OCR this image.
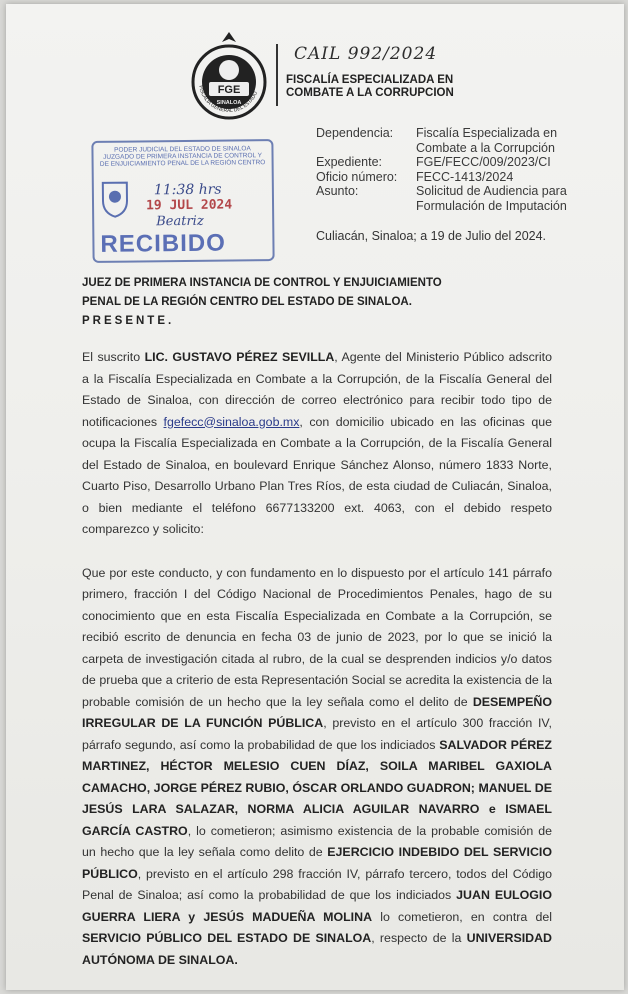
FGE
SINALOA
FISCALÍA GENERAL DEL ESTADO
CAIL 992/2024
FISCALÍA ESPECIALIZADA EN
COMBATE A LA CORRUPCION
Dependencia:	Fiscalía Especializada en
Combate a la Corrupción
Expediente:	FGE/FECC/009/2023/CI
Oficio número:	FECC-1413/2024
Asunto:	Solicitud de Audiencia para
Formulación de Imputación
Culiacán, Sinaloa; a 19 de Julio del 2024.
PODER JUDICIAL DEL ESTADO DE SINALOA
JUZGADO DE PRIMERA INSTANCIA DE CONTROL Y
DE ENJUICIAMIENTO PENAL DE LA REGIÓN CENTRO
11:38 hrs
19 JUL 2024
Beatriz
RECIBIDO
JUEZ DE PRIMERA INSTANCIA DE CONTROL Y ENJUICIAMIENTO
PENAL DE LA REGIÓN CENTRO DEL ESTADO DE SINALOA.
PRESENTE.

El suscrito LIC. GUSTAVO PÉREZ SEVILLA, Agente del Ministerio Público adscrito a la Fiscalía Especializada en Combate a la Corrupción, de la Fiscalía General del Estado de Sinaloa, con dirección de correo electrónico para recibir todo tipo de notificaciones fgefecc@sinaloa.gob.mx, con domicilio ubicado en las oficinas que ocupa la Fiscalía Especializada en Combate a la Corrupción, de la Fiscalía General del Estado de Sinaloa, en boulevard Enrique Sánchez Alonso, número 1833 Norte, Cuarto Piso, Desarrollo Urbano Plan Tres Ríos, de esta ciudad de Culiacán, Sinaloa, o bien mediante el teléfono 6677133200 ext. 4063, con el debido respeto comparezco y solicito:

Que por este conducto, y con fundamento en lo dispuesto por el artículo 141 párrafo primero, fracción I del Código Nacional de Procedimientos Penales, hago de su conocimiento que en esta Fiscalía Especializada en Combate a la Corrupción, se recibió escrito de denuncia en fecha 03 de junio de 2023, por lo que se inició la carpeta de investigación citada al rubro, de la cual se desprenden indicios y/o datos de prueba que a criterio de esta Representación Social se acredita la existencia de la probable comisión de un hecho que la ley señala como el delito de DESEMPEÑO IRREGULAR DE LA FUNCIÓN PÚBLICA, previsto en el artículo 300 fracción IV, párrafo segundo, así como la probabilidad de que los indiciados SALVADOR PÉREZ MARTINEZ, HÉCTOR MELESIO CUEN DÍAZ, SOILA MARIBEL GAXIOLA CAMACHO, JORGE PÉREZ RUBIO, ÓSCAR ORLANDO GUADRON; MANUEL DE JESÚS LARA SALAZAR, NORMA ALICIA AGUILAR NAVARRO e ISMAEL GARCÍA CASTRO, lo cometieron; asimismo existencia de la probable comisión de un hecho que la ley señala como delito de EJERCICIO INDEBIDO DEL SERVICIO PÚBLICO, previsto en el artículo 298 fracción IV, párrafo tercero, todos del Código Penal de Sinaloa; así como la probabilidad de que los indiciados JUAN EULOGIO GUERRA LIERA y JESÚS MADUEÑA MOLINA lo cometieron, en contra del SERVICIO PÚBLICO DEL ESTADO DE SINALOA, respecto de la UNIVERSIDAD AUTÓNOMA DE SINALOA.
